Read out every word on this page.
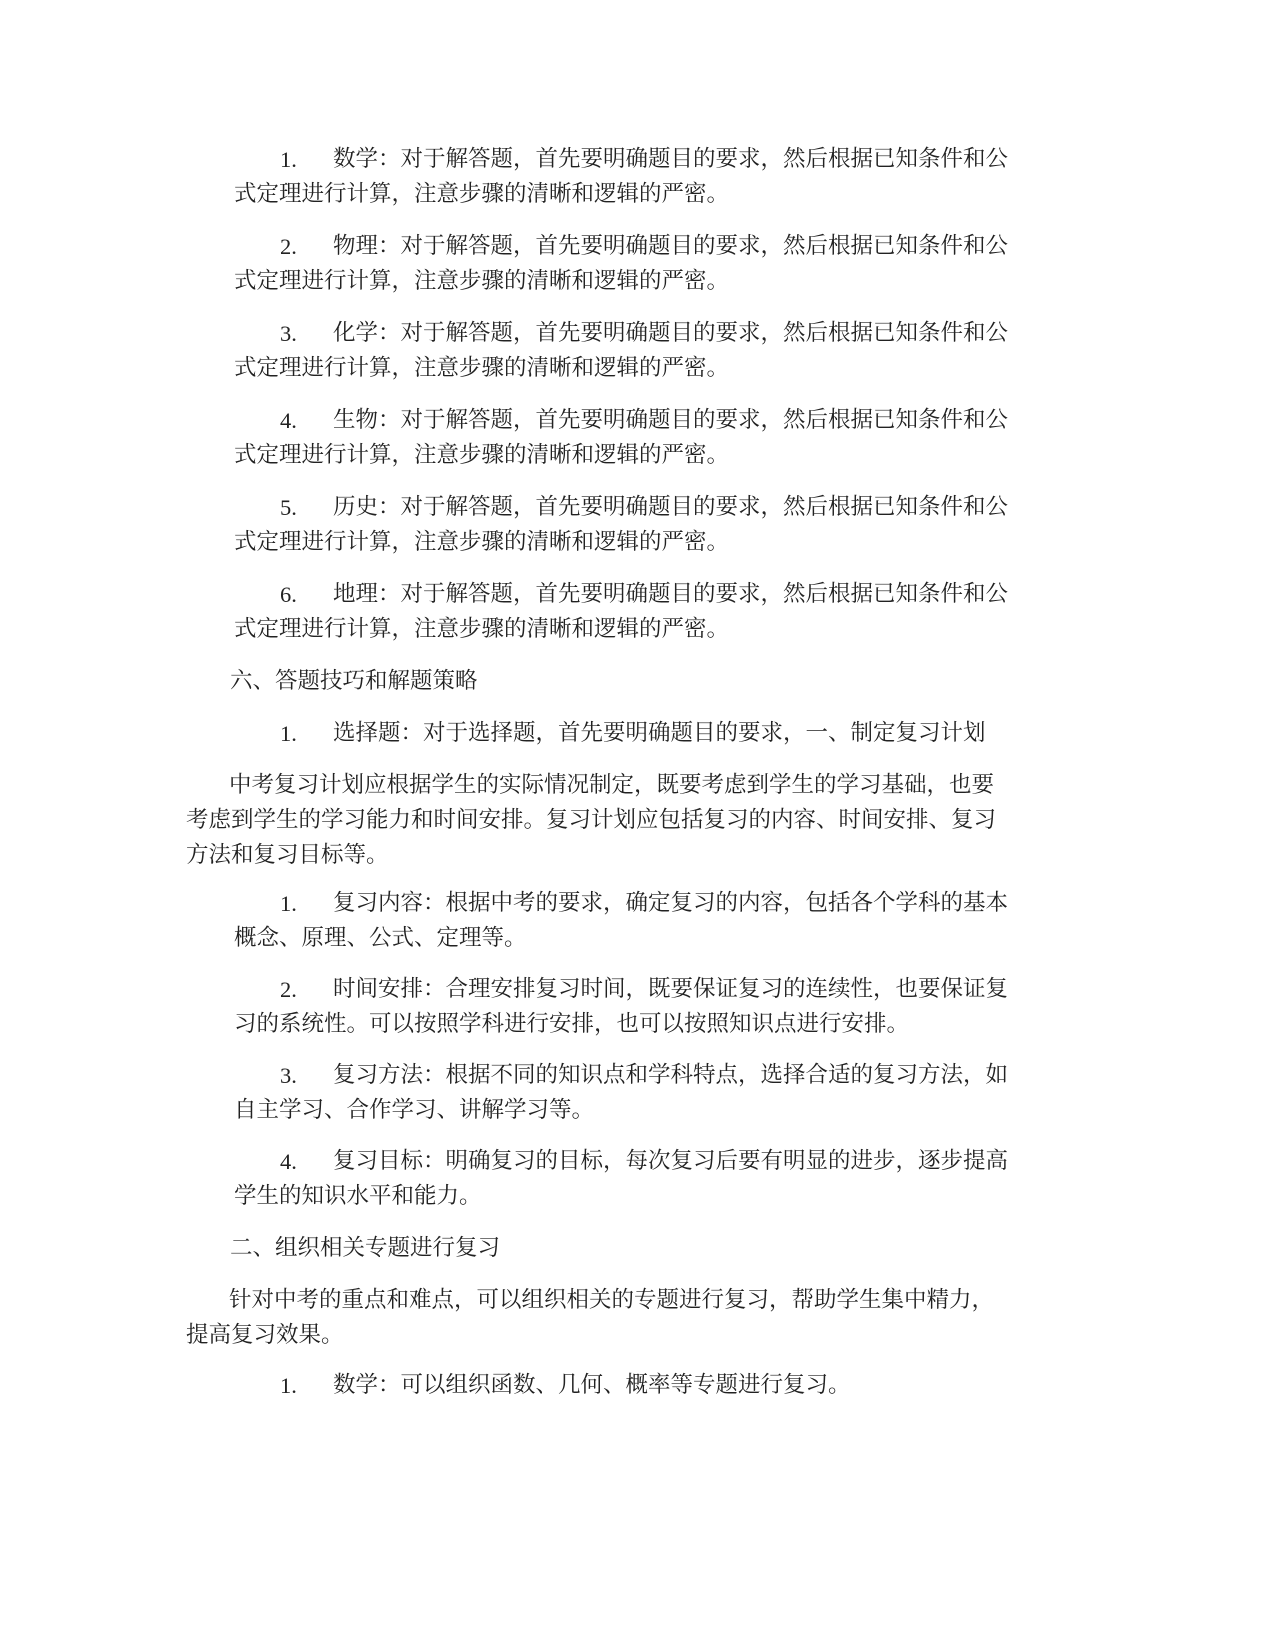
1.	数学：对于解答题，首先要明确题目的要求，然后根据已知条件和公
式定理进行计算，注意步骤的清晰和逻辑的严密。
2.	物理：对于解答题，首先要明确题目的要求，然后根据已知条件和公
式定理进行计算，注意步骤的清晰和逻辑的严密。
3.	化学：对于解答题，首先要明确题目的要求，然后根据已知条件和公
式定理进行计算，注意步骤的清晰和逻辑的严密。
4.	生物：对于解答题，首先要明确题目的要求，然后根据已知条件和公
式定理进行计算，注意步骤的清晰和逻辑的严密。
5.	历史：对于解答题，首先要明确题目的要求，然后根据已知条件和公
式定理进行计算，注意步骤的清晰和逻辑的严密。
6.	地理：对于解答题，首先要明确题目的要求，然后根据已知条件和公
式定理进行计算，注意步骤的清晰和逻辑的严密。
六、答题技巧和解题策略
1.	选择题：对于选择题，首先要明确题目的要求，一、制定复习计划
中考复习计划应根据学生的实际情况制定，既要考虑到学生的学习基础，也要
考虑到学生的学习能力和时间安排。复习计划应包括复习的内容、时间安排、复习
方法和复习目标等。
1.	复习内容：根据中考的要求，确定复习的内容，包括各个学科的基本
概念、原理、公式、定理等。
2.	时间安排：合理安排复习时间，既要保证复习的连续性，也要保证复
习的系统性。可以按照学科进行安排，也可以按照知识点进行安排。
3.	复习方法：根据不同的知识点和学科特点，选择合适的复习方法，如
自主学习、合作学习、讲解学习等。
4.	复习目标：明确复习的目标，每次复习后要有明显的进步，逐步提高
学生的知识水平和能力。
二、组织相关专题进行复习
针对中考的重点和难点，可以组织相关的专题进行复习，帮助学生集中精力，
提高复习效果。
1.	数学：可以组织函数、几何、概率等专题进行复习。
